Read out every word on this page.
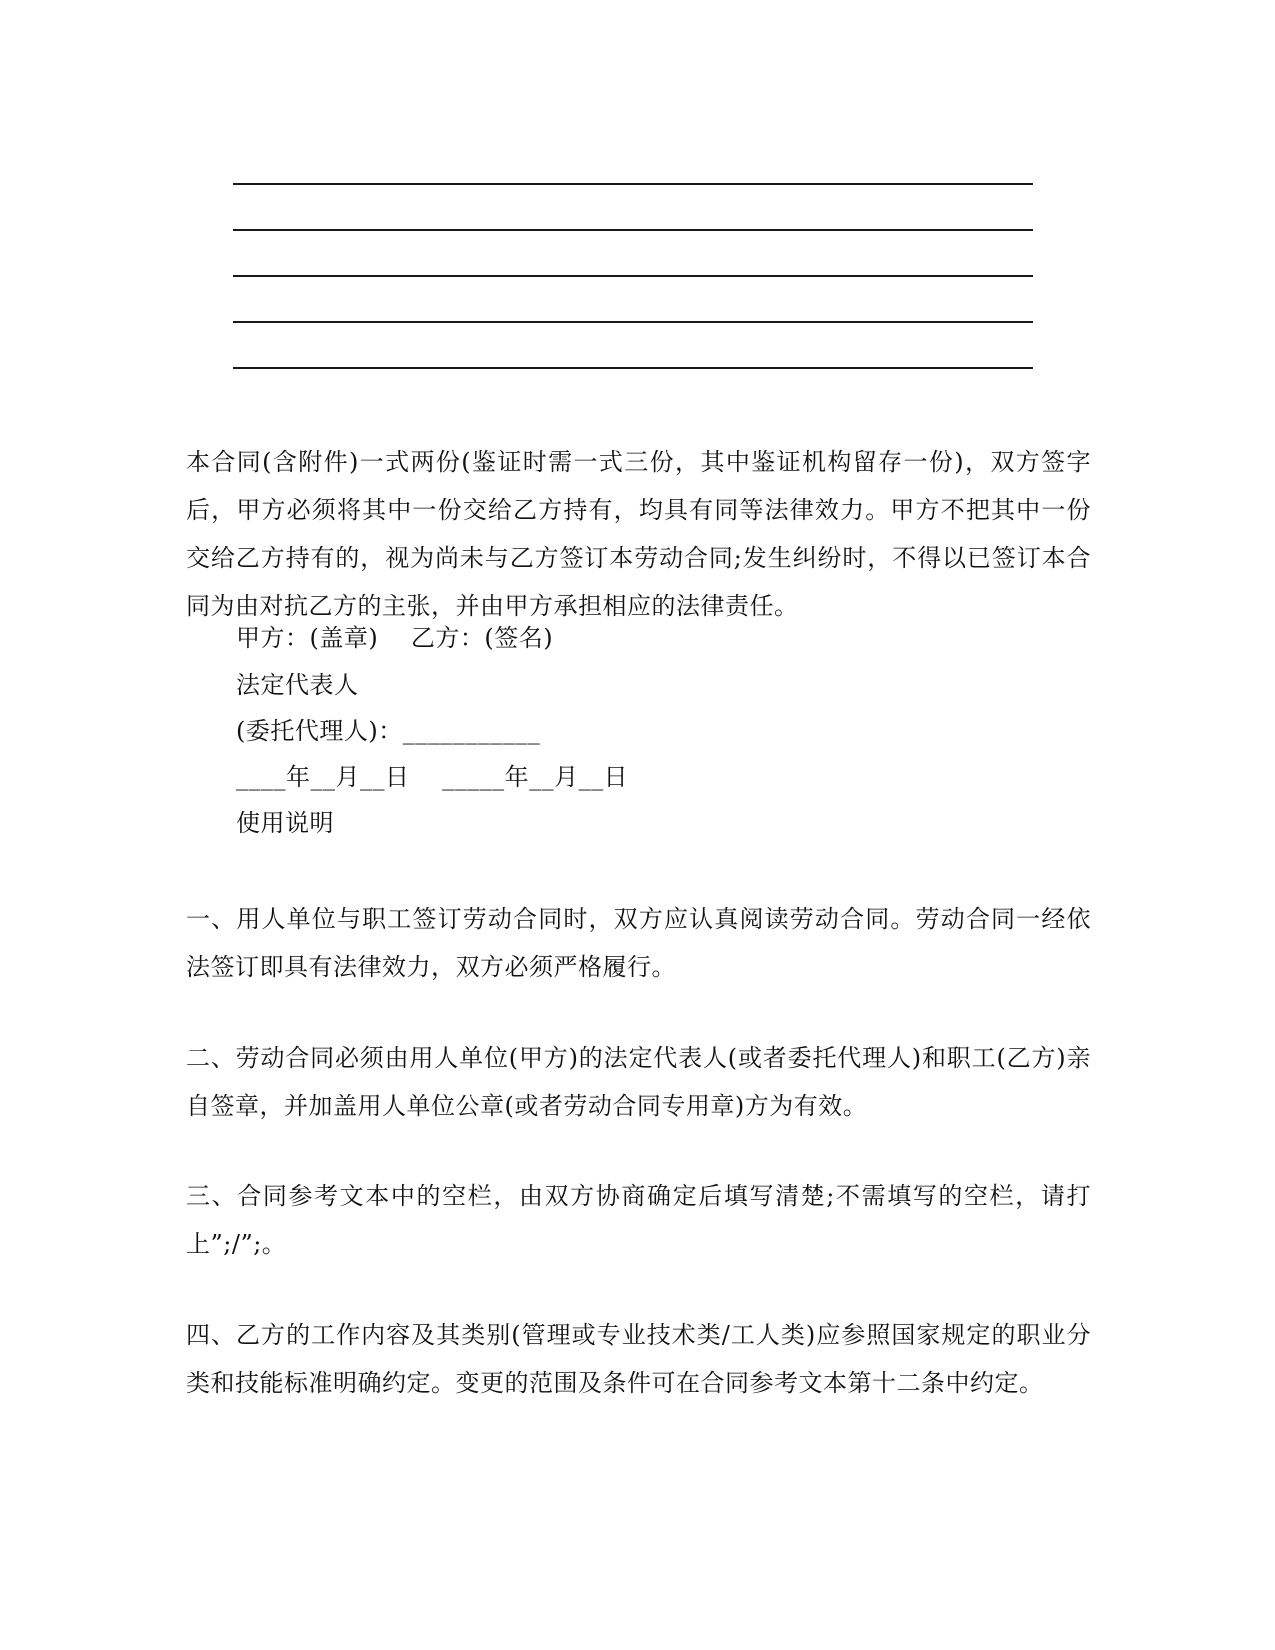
本合同(含附件)一式两份(鉴证时需一式三份，其中鉴证机构留存一份)，双方签字后，甲方必须将其中一份交给乙方持有，均具有同等法律效力。甲方不把其中一份交给乙方持有的，视为尚未与乙方签订本劳动合同;发生纠纷时，不得以已签订本合同为由对抗乙方的主张，并由甲方承担相应的法律责任。

甲方：(盖章)　 乙方：(签名)

法定代表人

(委托代理人)：___________

____年__月__日　 _____年__月__日

使用说明

一、用人单位与职工签订劳动合同时，双方应认真阅读劳动合同。劳动合同一经依法签订即具有法律效力，双方必须严格履行。

二、劳动合同必须由用人单位(甲方)的法定代表人(或者委托代理人)和职工(乙方)亲自签章，并加盖用人单位公章(或者劳动合同专用章)方为有效。

三、合同参考文本中的空栏，由双方协商确定后填写清楚;不需填写的空栏，请打上”;/”;。

四、乙方的工作内容及其类别(管理或专业技术类/工人类)应参照国家规定的职业分类和技能标准明确约定。变更的范围及条件可在合同参考文本第十二条中约定。
